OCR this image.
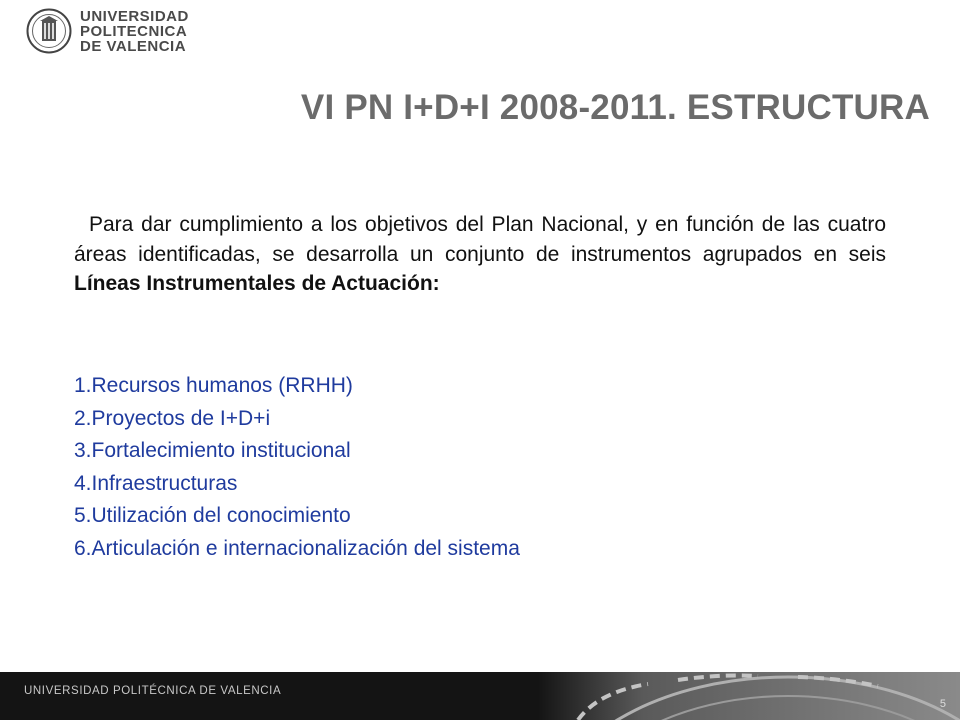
UNIVERSIDAD
POLITECNICA
DE VALENCIA
VI PN I+D+I 2008-2011. ESTRUCTURA

Para dar cumplimiento a los objetivos del Plan Nacional, y en función de las cuatro áreas identificadas, se desarrolla un conjunto de instrumentos agrupados en seis Líneas Instrumentales de Actuación:

1.Recursos humanos (RRHH)
2.Proyectos de I+D+i
3.Fortalecimiento institucional
4.Infraestructuras
5.Utilización del conocimiento
6.Articulación e internacionalización del sistema
UNIVERSIDAD POLITÉCNICA DE VALENCIA
5
